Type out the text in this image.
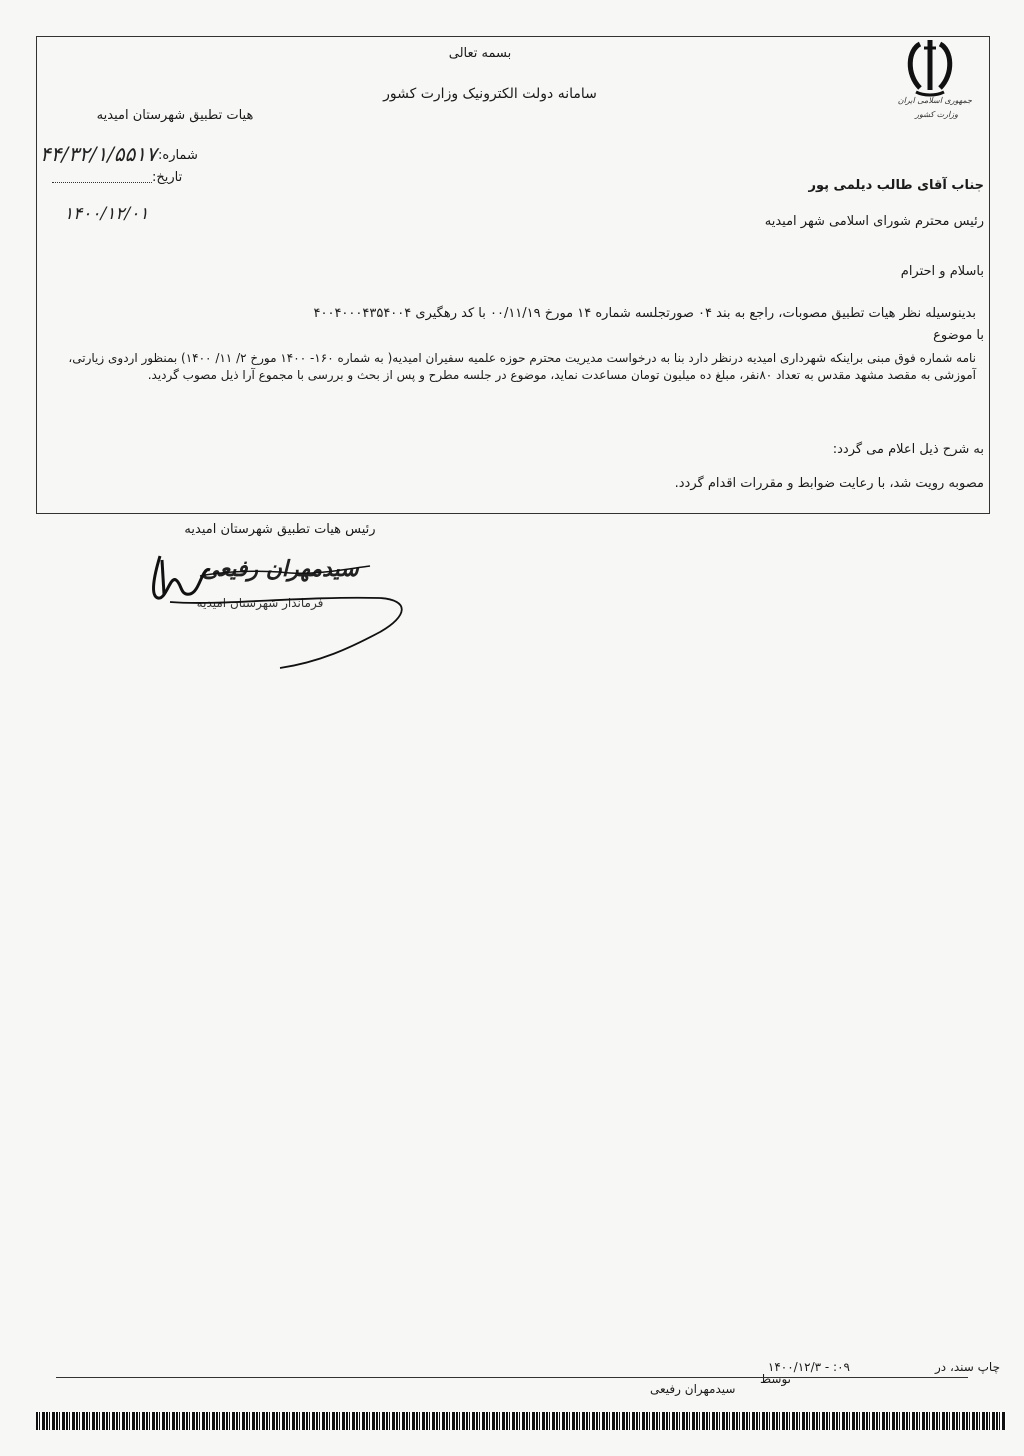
جمهوری اسلامی ایران
وزارت کشور
بسمه تعالی
سامانه دولت الکترونیک وزارت کشور
هیات تطبیق شهرستان امیدیه
۴۴/۳۲/۱/۵۵۱۷ شماره:
تاریخ:
۱۴۰۰/۱۲/۰۱
جناب آقای طالب دیلمی پور
رئیس محترم شورای اسلامی شهر امیدیه
باسلام و احترام
بدینوسیله نظر هیات تطبیق مصوبات، راجع به بند ۰۴ صورتجلسه شماره ۱۴ مورخ ۰۰/۱۱/۱۹ با کد رهگیری ۴۰۰۴۰۰۰۴۳۵۴۰۰۴
با موضوع
نامه شماره فوق مبنی براینکه شهرداری امیدیه درنظر دارد بنا به درخواست مدیریت محترم حوزه علمیه سفیران امیدیه( به شماره ۱۶۰- ۱۴۰۰ مورخ ۲/ ۱۱/ ۱۴۰۰) بمنظور اردوی زیارتی، آموزشی به مقصد مشهد مقدس به تعداد ۸۰نفر، مبلغ ده میلیون تومان مساعدت نماید، موضوع در جلسه مطرح و پس از بحث و بررسی با مجموع آرا ذیل مصوب گردید.
به شرح ذیل اعلام می گردد:
مصوبه رویت شد، با رعایت ضوابط و مقررات اقدام گردد.
رئیس هیات تطبیق شهرستان امیدیه
سیدمهران رفیعی
فرماندار شهرستان امیدیه
چاپ سند، در
۰۹: - ۱۴۰۰/۱۲/۳
توسط
سیدمهران رفیعی
